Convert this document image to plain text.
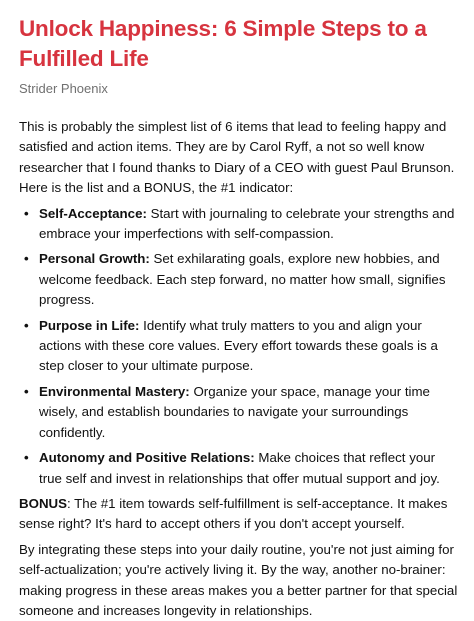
Unlock Happiness: 6 Simple Steps to a Fulfilled Life
Strider Phoenix

This is probably the simplest list of 6 items that lead to feeling happy and satisfied and action items. They are by Carol Ryff, a not so well know researcher that I found thanks to Diary of a CEO with guest Paul Brunson. Here is the list and a BONUS, the #1 indicator:

• Self-Acceptance: Start with journaling to celebrate your strengths and embrace your imperfections with self-compassion.
• Personal Growth: Set exhilarating goals, explore new hobbies, and welcome feedback. Each step forward, no matter how small, signifies progress.
• Purpose in Life: Identify what truly matters to you and align your actions with these core values. Every effort towards these goals is a step closer to your ultimate purpose.
• Environmental Mastery: Organize your space, manage your time wisely, and establish boundaries to navigate your surroundings confidently.
• Autonomy and Positive Relations: Make choices that reflect your true self and invest in relationships that offer mutual support and joy.

BONUS: The #1 item towards self-fulfillment is self-acceptance. It makes sense right? It's hard to accept others if you don't accept yourself.

By integrating these steps into your daily routine, you're not just aiming for self-actualization; you're actively living it. By the way, another no-brainer: making progress in these areas makes you a better partner for that special someone and increases longevity in relationships.
